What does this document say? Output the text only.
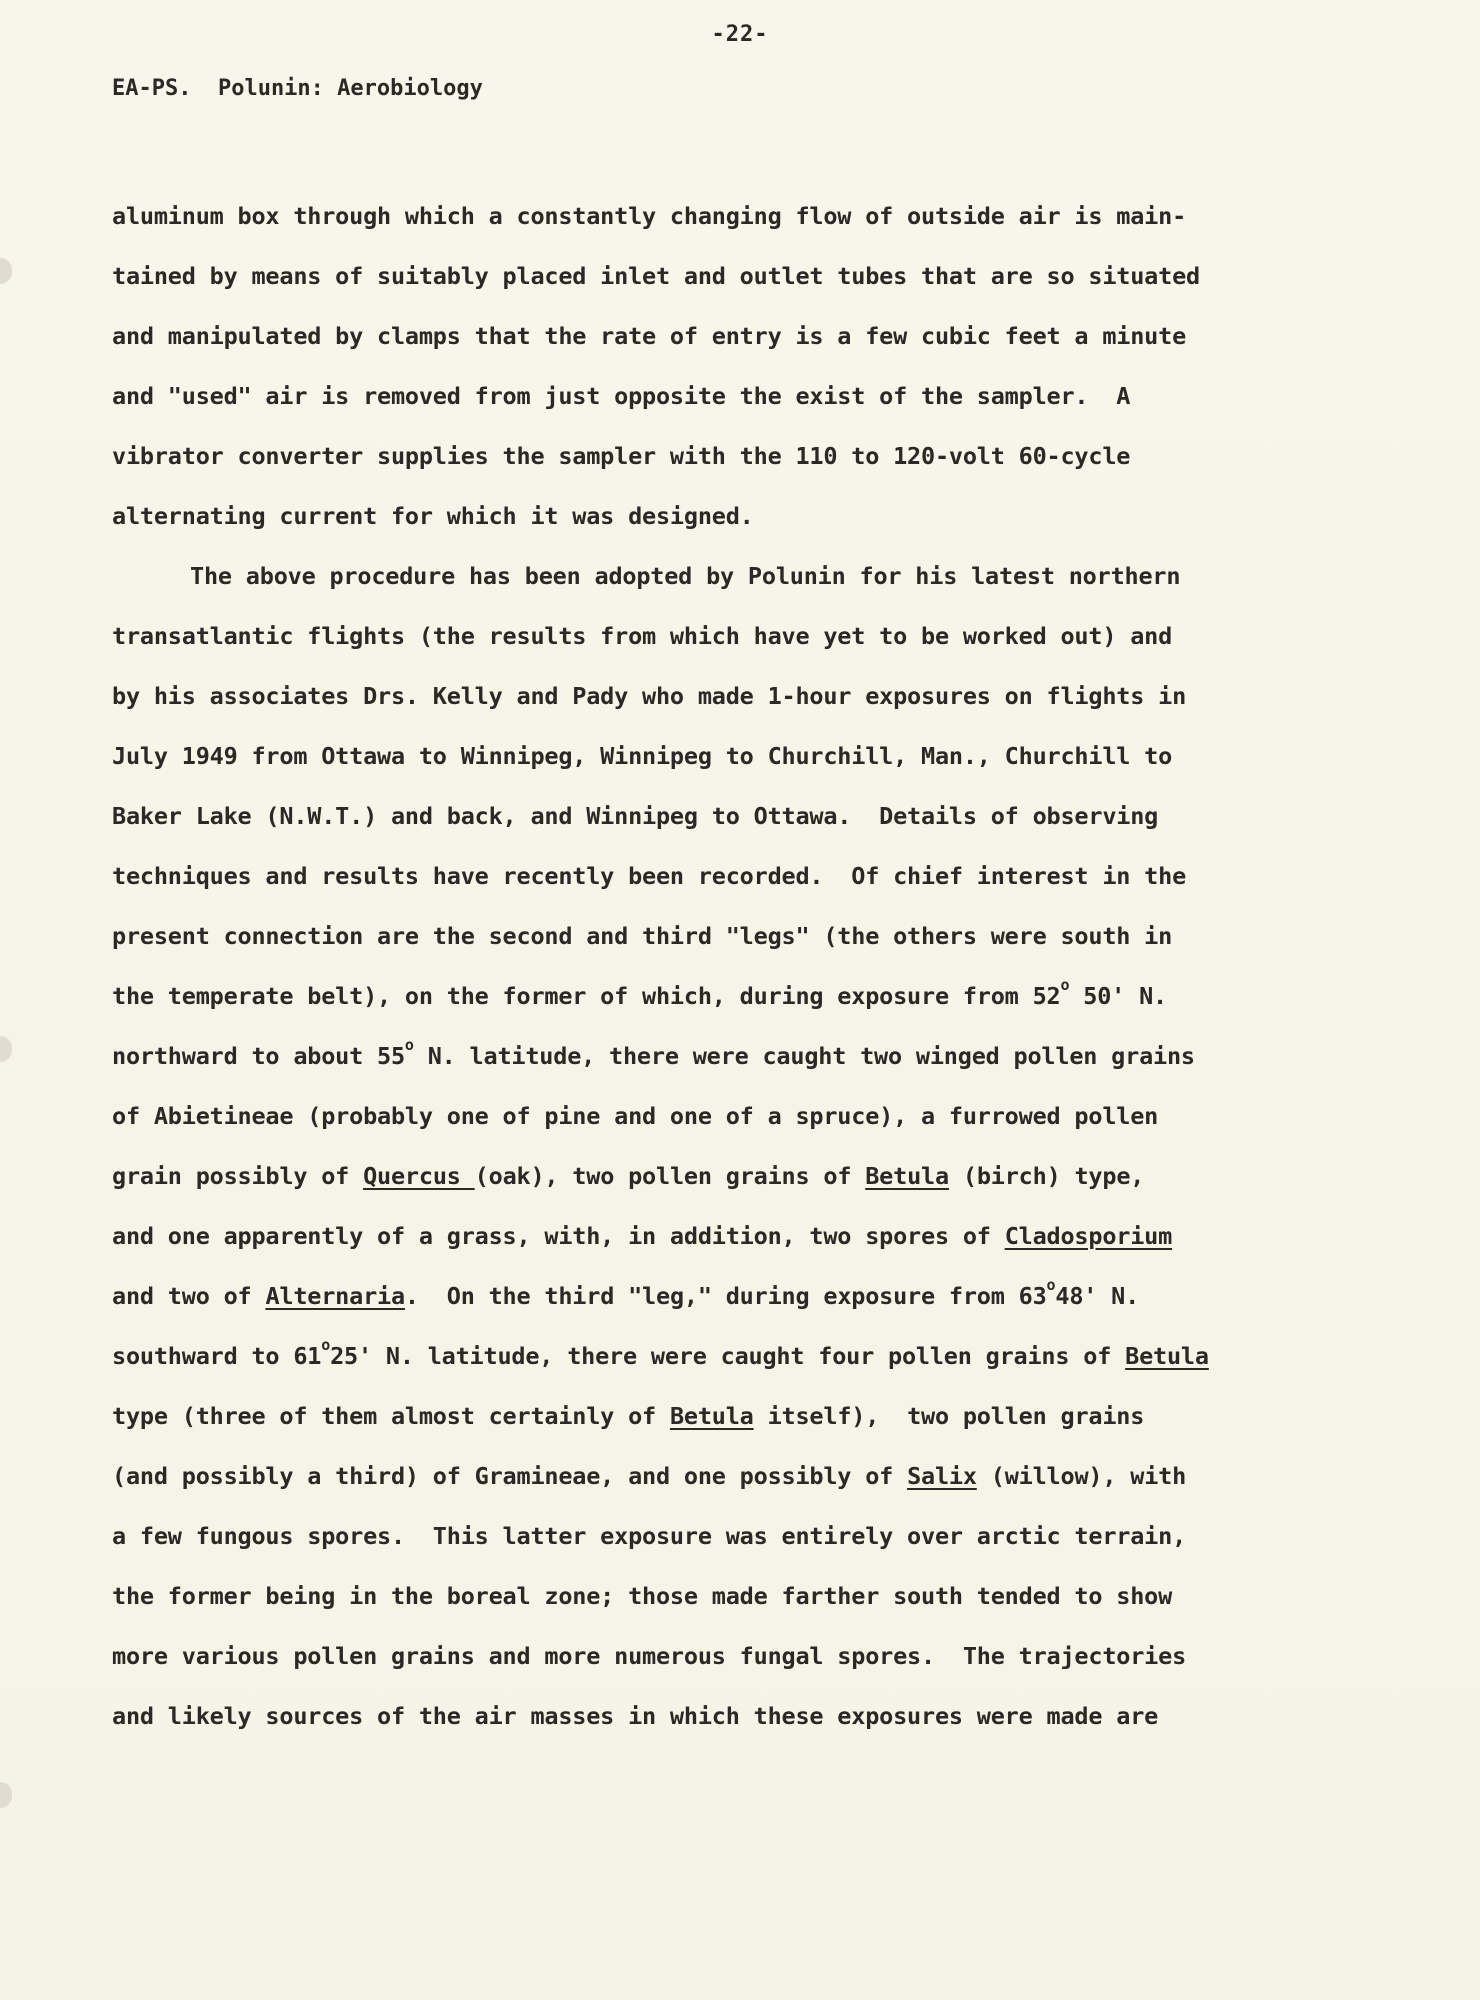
-22-
EA-PS.  Polunin: Aerobiology
aluminum box through which a constantly changing flow of outside air is main-
tained by means of suitably placed inlet and outlet tubes that are so situated
and manipulated by clamps that the rate of entry is a few cubic feet a minute
and "used" air is removed from just opposite the exist of the sampler.  A
vibrator converter supplies the sampler with the 110 to 120-volt 60-cycle
alternating current for which it was designed.
The above procedure has been adopted by Polunin for his latest northern
transatlantic flights (the results from which have yet to be worked out) and
by his associates Drs. Kelly and Pady who made 1-hour exposures on flights in
July 1949 from Ottawa to Winnipeg, Winnipeg to Churchill, Man., Churchill to
Baker Lake (N.W.T.) and back, and Winnipeg to Ottawa.  Details of observing
techniques and results have recently been recorded.  Of chief interest in the
present connection are the second and third "legs" (the others were south in
the temperate belt), on the former of which, during exposure from 52$^o$ 50' N.
northward to about 55$^o$ N. latitude, there were caught two winged pollen grains
of Abietineae (probably one of pine and one of a spruce), a furrowed pollen
grain possibly of Quercus (oak), two pollen grains of Betula (birch) type,
and one apparently of a grass, with, in addition, two spores of Cladosporium
and two of Alternaria.  On the third "leg," during exposure from 63$^o$48' N.
southward to 61$^o$25' N. latitude, there were caught four pollen grains of Betula
type (three of them almost certainly of Betula itself),  two pollen grains
(and possibly a third) of Gramineae, and one possibly of Salix (willow), with
a few fungous spores.  This latter exposure was entirely over arctic terrain,
the former being in the boreal zone; those made farther south tended to show
more various pollen grains and more numerous fungal spores.  The trajectories
and likely sources of the air masses in which these exposures were made are
